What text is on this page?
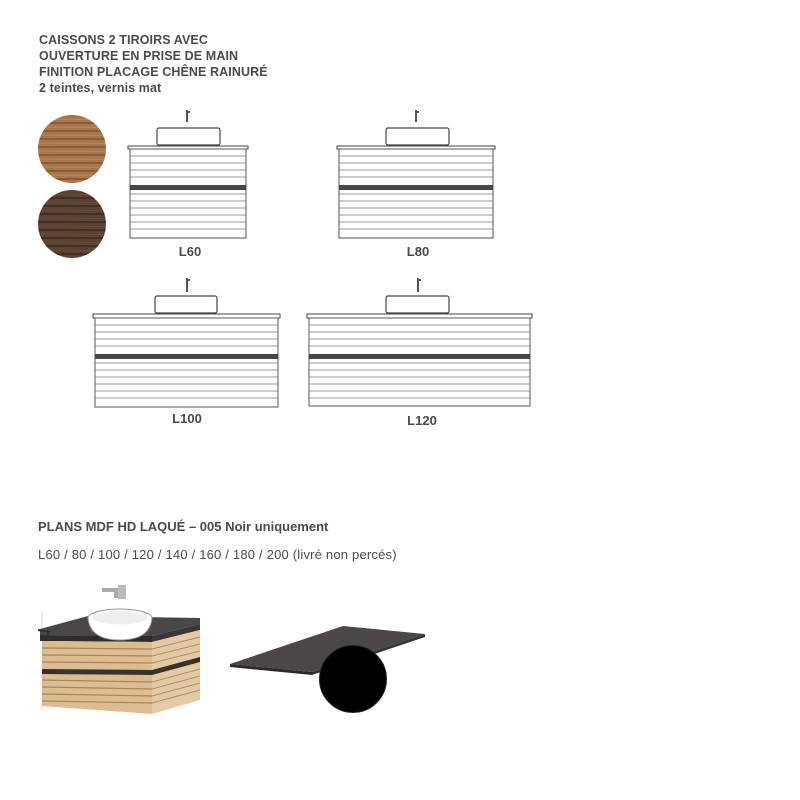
CAISSONS 2 TIROIRS AVEC
OUVERTURE EN PRISE DE MAIN
FINITION PLACAGE CHÊNE RAINURÉ
2 teintes, vernis mat
L60	L80
L100	L120
PLANS MDF HD LAQUÉ – 005 Noir uniquement
L60 / 80 / 100 / 120 / 140 / 160 / 180 / 200 (livré non percés)
